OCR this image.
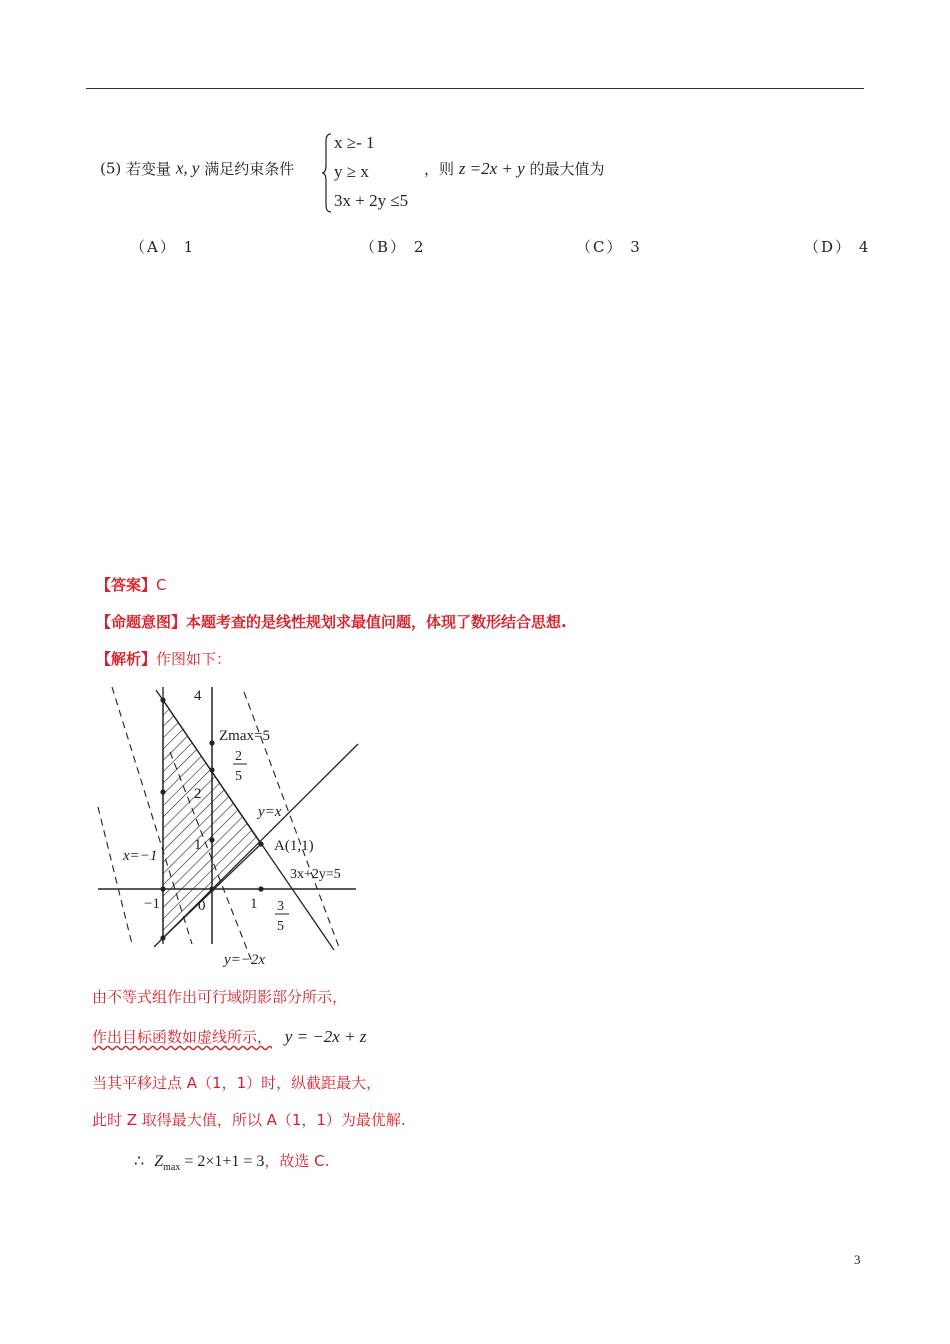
(5) 若变量 x, y 满足约束条件
x ≥- 1
y ≥ x
3x + 2y ≤5
，则 z =2x + y 的最大值为
（A） 1	（B） 2	（C） 3	（D） 4
【答案】C
【命题意图】本题考查的是线性规划求最值问题，体现了数形结合思想.
【解析】作图如下：
4
Zmax=5
2
5
2
y=x
1
x=−1
A(1,1)
3x+2y=5
−1	0	1 3
5
y=−2x
由不等式组作出可行域阴影部分所示，
作出目标函数如虚线所示， y = −2x + z
当其平移过点 A（1，1）时，纵截距最大，
此时 Z 取得最大值，所以 A（1，1）为最优解.
∴ $Z_{max} = 2\times 1+1 = 3$，故选 C.
3
